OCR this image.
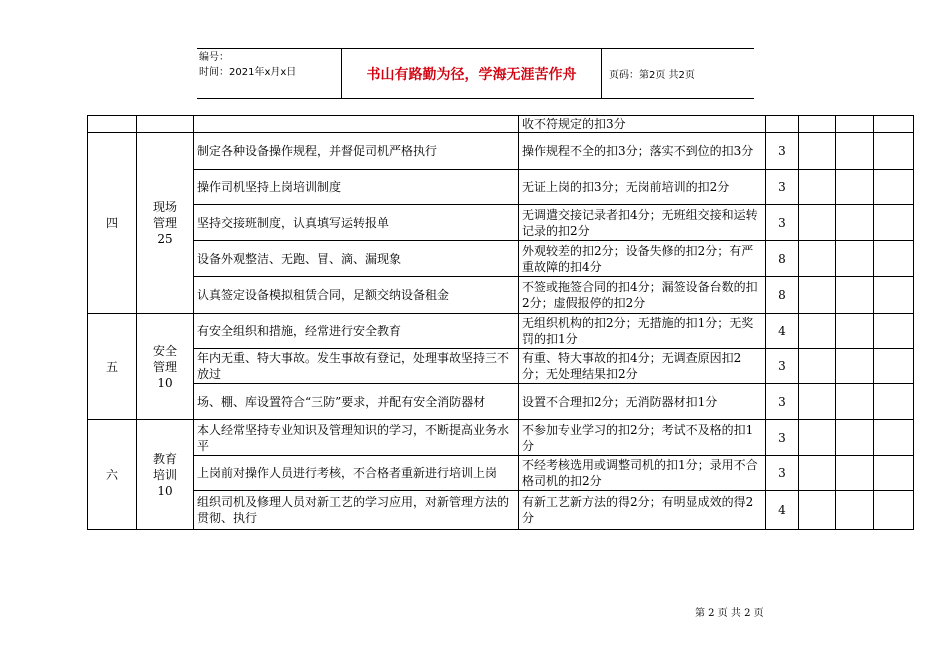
编号：
时间：2021年x月x日	书山有路勤为径，学海无涯苦作舟	页码：第2页 共2页
			收不符规定的扣3分				
四	现场
管理
25	制定各种设备操作规程，并督促司机严格执行	操作规程不全的扣3分；落实不到位的扣3分	3			
		操作司机坚持上岗培训制度	无证上岗的扣3分；无岗前培训的扣2分	3			
		坚持交接班制度，认真填写运转报单	无调遣交接记录者扣4分；无班组交接和运转记录的扣2分	3			
		设备外观整洁、无跑、冒、滴、漏现象	外观较差的扣2分；设备失修的扣2分；有严重故障的扣4分	8			
		认真签定设备模拟租赁合同，足额交纳设备租金	不签或拖签合同的扣4分；漏签设备台数的扣2分；虚假报停的扣2分	8			
五	安全
管理
10	有安全组织和措施，经常进行安全教育	无组织机构的扣2分；无措施的扣1分；无奖罚的扣1分	4			
		年内无重、特大事故。发生事故有登记，处理事故坚持三不放过	有重、特大事故的扣4分；无调查原因扣2分；无处理结果扣2分	3			
		场、棚、库设置符合“三防”要求，并配有安全消防器材	设置不合理扣2分；无消防器材扣1分	3			
六	教育
培训
10	本人经常坚持专业知识及管理知识的学习，不断提高业务水平	不参加专业学习的扣2分；考试不及格的扣1分	3			
		上岗前对操作人员进行考核，不合格者重新进行培训上岗	不经考核选用或调整司机的扣1分；录用不合格司机的扣2分	3			
		组织司机及修理人员对新工艺的学习应用，对新管理方法的贯彻、执行	有新工艺新方法的得2分；有明显成效的得2分	4			
第 2 页 共 2 页
